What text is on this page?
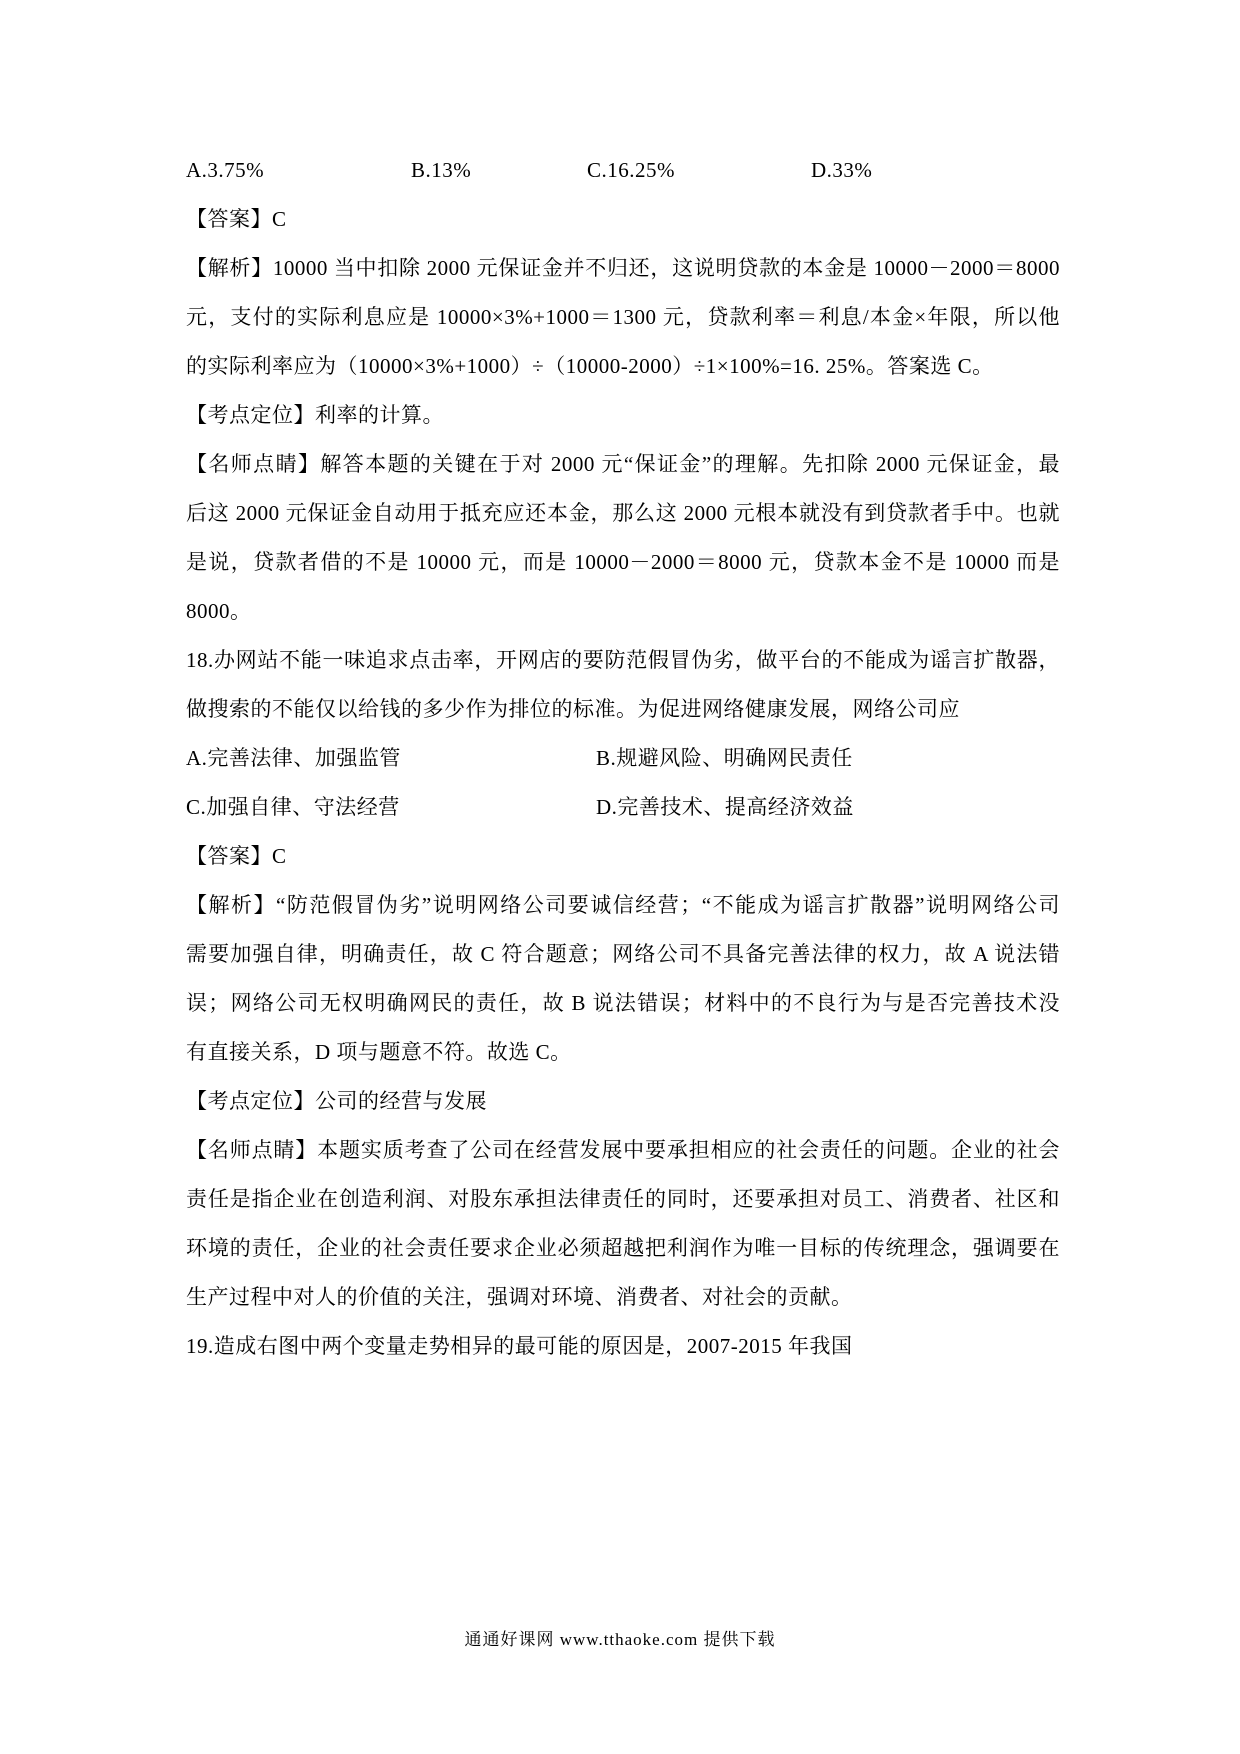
A.3.75%	B.13%	C.16.25%	D.33%
【答案】C
【解析】10000 当中扣除 2000 元保证金并不归还，这说明贷款的本金是 10000－2000＝8000
元，支付的实际利息应是 10000×3%+1000＝1300 元，贷款利率＝利息/本金×年限，所以他
的实际利率应为（10000×3%+1000）÷（10000-2000）÷1×100%=16. 25%。答案选 C。
【考点定位】利率的计算。
【名师点睛】解答本题的关键在于对 2000 元“保证金”的理解。先扣除 2000 元保证金，最
后这 2000 元保证金自动用于抵充应还本金，那么这 2000 元根本就没有到贷款者手中。也就
是说，贷款者借的不是 10000 元，而是 10000－2000＝8000 元，贷款本金不是 10000 而是
8000。
18.办网站不能一味追求点击率，开网店的要防范假冒伪劣，做平台的不能成为谣言扩散器，
做搜索的不能仅以给钱的多少作为排位的标准。为促进网络健康发展，网络公司应
A.完善法律、加强监管	B.规避风险、明确网民责任
C.加强自律、守法经营	D.完善技术、提高经济效益
【答案】C
【解析】“防范假冒伪劣”说明网络公司要诚信经营；“不能成为谣言扩散器”说明网络公司
需要加强自律，明确责任，故 C 符合题意；网络公司不具备完善法律的权力，故 A 说法错
误；网络公司无权明确网民的责任，故 B 说法错误；材料中的不良行为与是否完善技术没
有直接关系，D 项与题意不符。故选 C。
【考点定位】公司的经营与发展
【名师点睛】本题实质考查了公司在经营发展中要承担相应的社会责任的问题。企业的社会
责任是指企业在创造利润、对股东承担法律责任的同时，还要承担对员工、消费者、社区和
环境的责任，企业的社会责任要求企业必须超越把利润作为唯一目标的传统理念，强调要在
生产过程中对人的价值的关注，强调对环境、消费者、对社会的贡献。
19.造成右图中两个变量走势相异的最可能的原因是，2007-2015 年我国
通通好课网 www.tthaoke.com 提供下载
